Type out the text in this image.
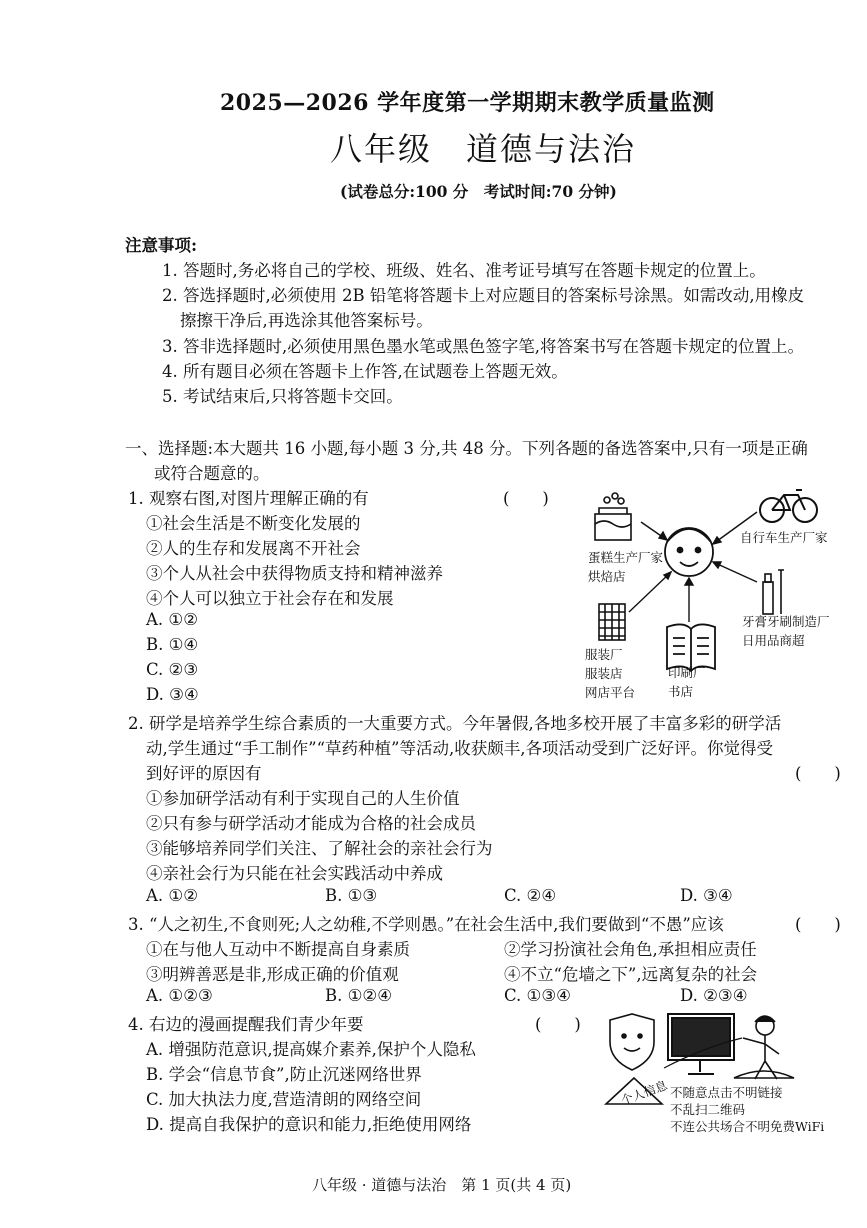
2025—2026 学年度第一学期期末教学质量监测
八年级　道德与法治
(试卷总分:100 分　考试时间:70 分钟)
注意事项:
1. 答题时,务必将自己的学校、班级、姓名、准考证号填写在答题卡规定的位置上。
2. 答选择题时,必须使用 2B 铅笔将答题卡上对应题目的答案标号涂黑。如需改动,用橡皮
擦擦干净后,再选涂其他答案标号。
3. 答非选择题时,必须使用黑色墨水笔或黑色签字笔,将答案书写在答题卡规定的位置上。
4. 所有题目必须在答题卡上作答,在试题卷上答题无效。
5. 考试结束后,只将答题卡交回。
一、选择题:本大题共 16 小题,每小题 3 分,共 48 分。下列各题的备选答案中,只有一项是正确
或符合题意的。
1. 观察右图,对图片理解正确的有	(　　)
①社会生活是不断变化发展的
②人的生存和发展离不开社会
③个人从社会中获得物质支持和精神滋养
④个人可以独立于社会存在和发展
A. ①②
B. ①④
C. ②③
D. ③④
蛋糕生产厂家
烘焙店
自行车生产厂家
牙膏牙刷制造厂
日用品商超
服装厂
服装店
网店平台
印刷厂
书店
2. 研学是培养学生综合素质的一大重要方式。今年暑假,各地多校开展了丰富多彩的研学活
动,学生通过“手工制作”“草药种植”等活动,收获颇丰,各项活动受到广泛好评。你觉得受
到好评的原因有	(　　)
①参加研学活动有利于实现自己的人生价值
②只有参与研学活动才能成为合格的社会成员
③能够培养同学们关注、了解社会的亲社会行为
④亲社会行为只能在社会实践活动中养成
A. ①②	B. ①③	C. ②④	D. ③④
3. “人之初生,不食则死;人之幼稚,不学则愚。”在社会生活中,我们要做到“不愚”应该	(　　)
①在与他人互动中不断提高自身素质	②学习扮演社会角色,承担相应责任
③明辨善恶是非,形成正确的价值观	④不立“危墙之下”,远离复杂的社会
A. ①②③	B. ①②④	C. ①③④	D. ②③④
4. 右边的漫画提醒我们青少年要	(　　)
A. 增强防范意识,提高媒介素养,保护个人隐私
B. 学会“信息节食”,防止沉迷网络世界
C. 加大执法力度,营造清朗的网络空间
D. 提高自我保护的意识和能力,拒绝使用网络
个人信息 不随意点击不明链接
不乱扫二维码
不连公共场合不明免费WiFi
八年级 · 道德与法治　第 1 页(共 4 页)
